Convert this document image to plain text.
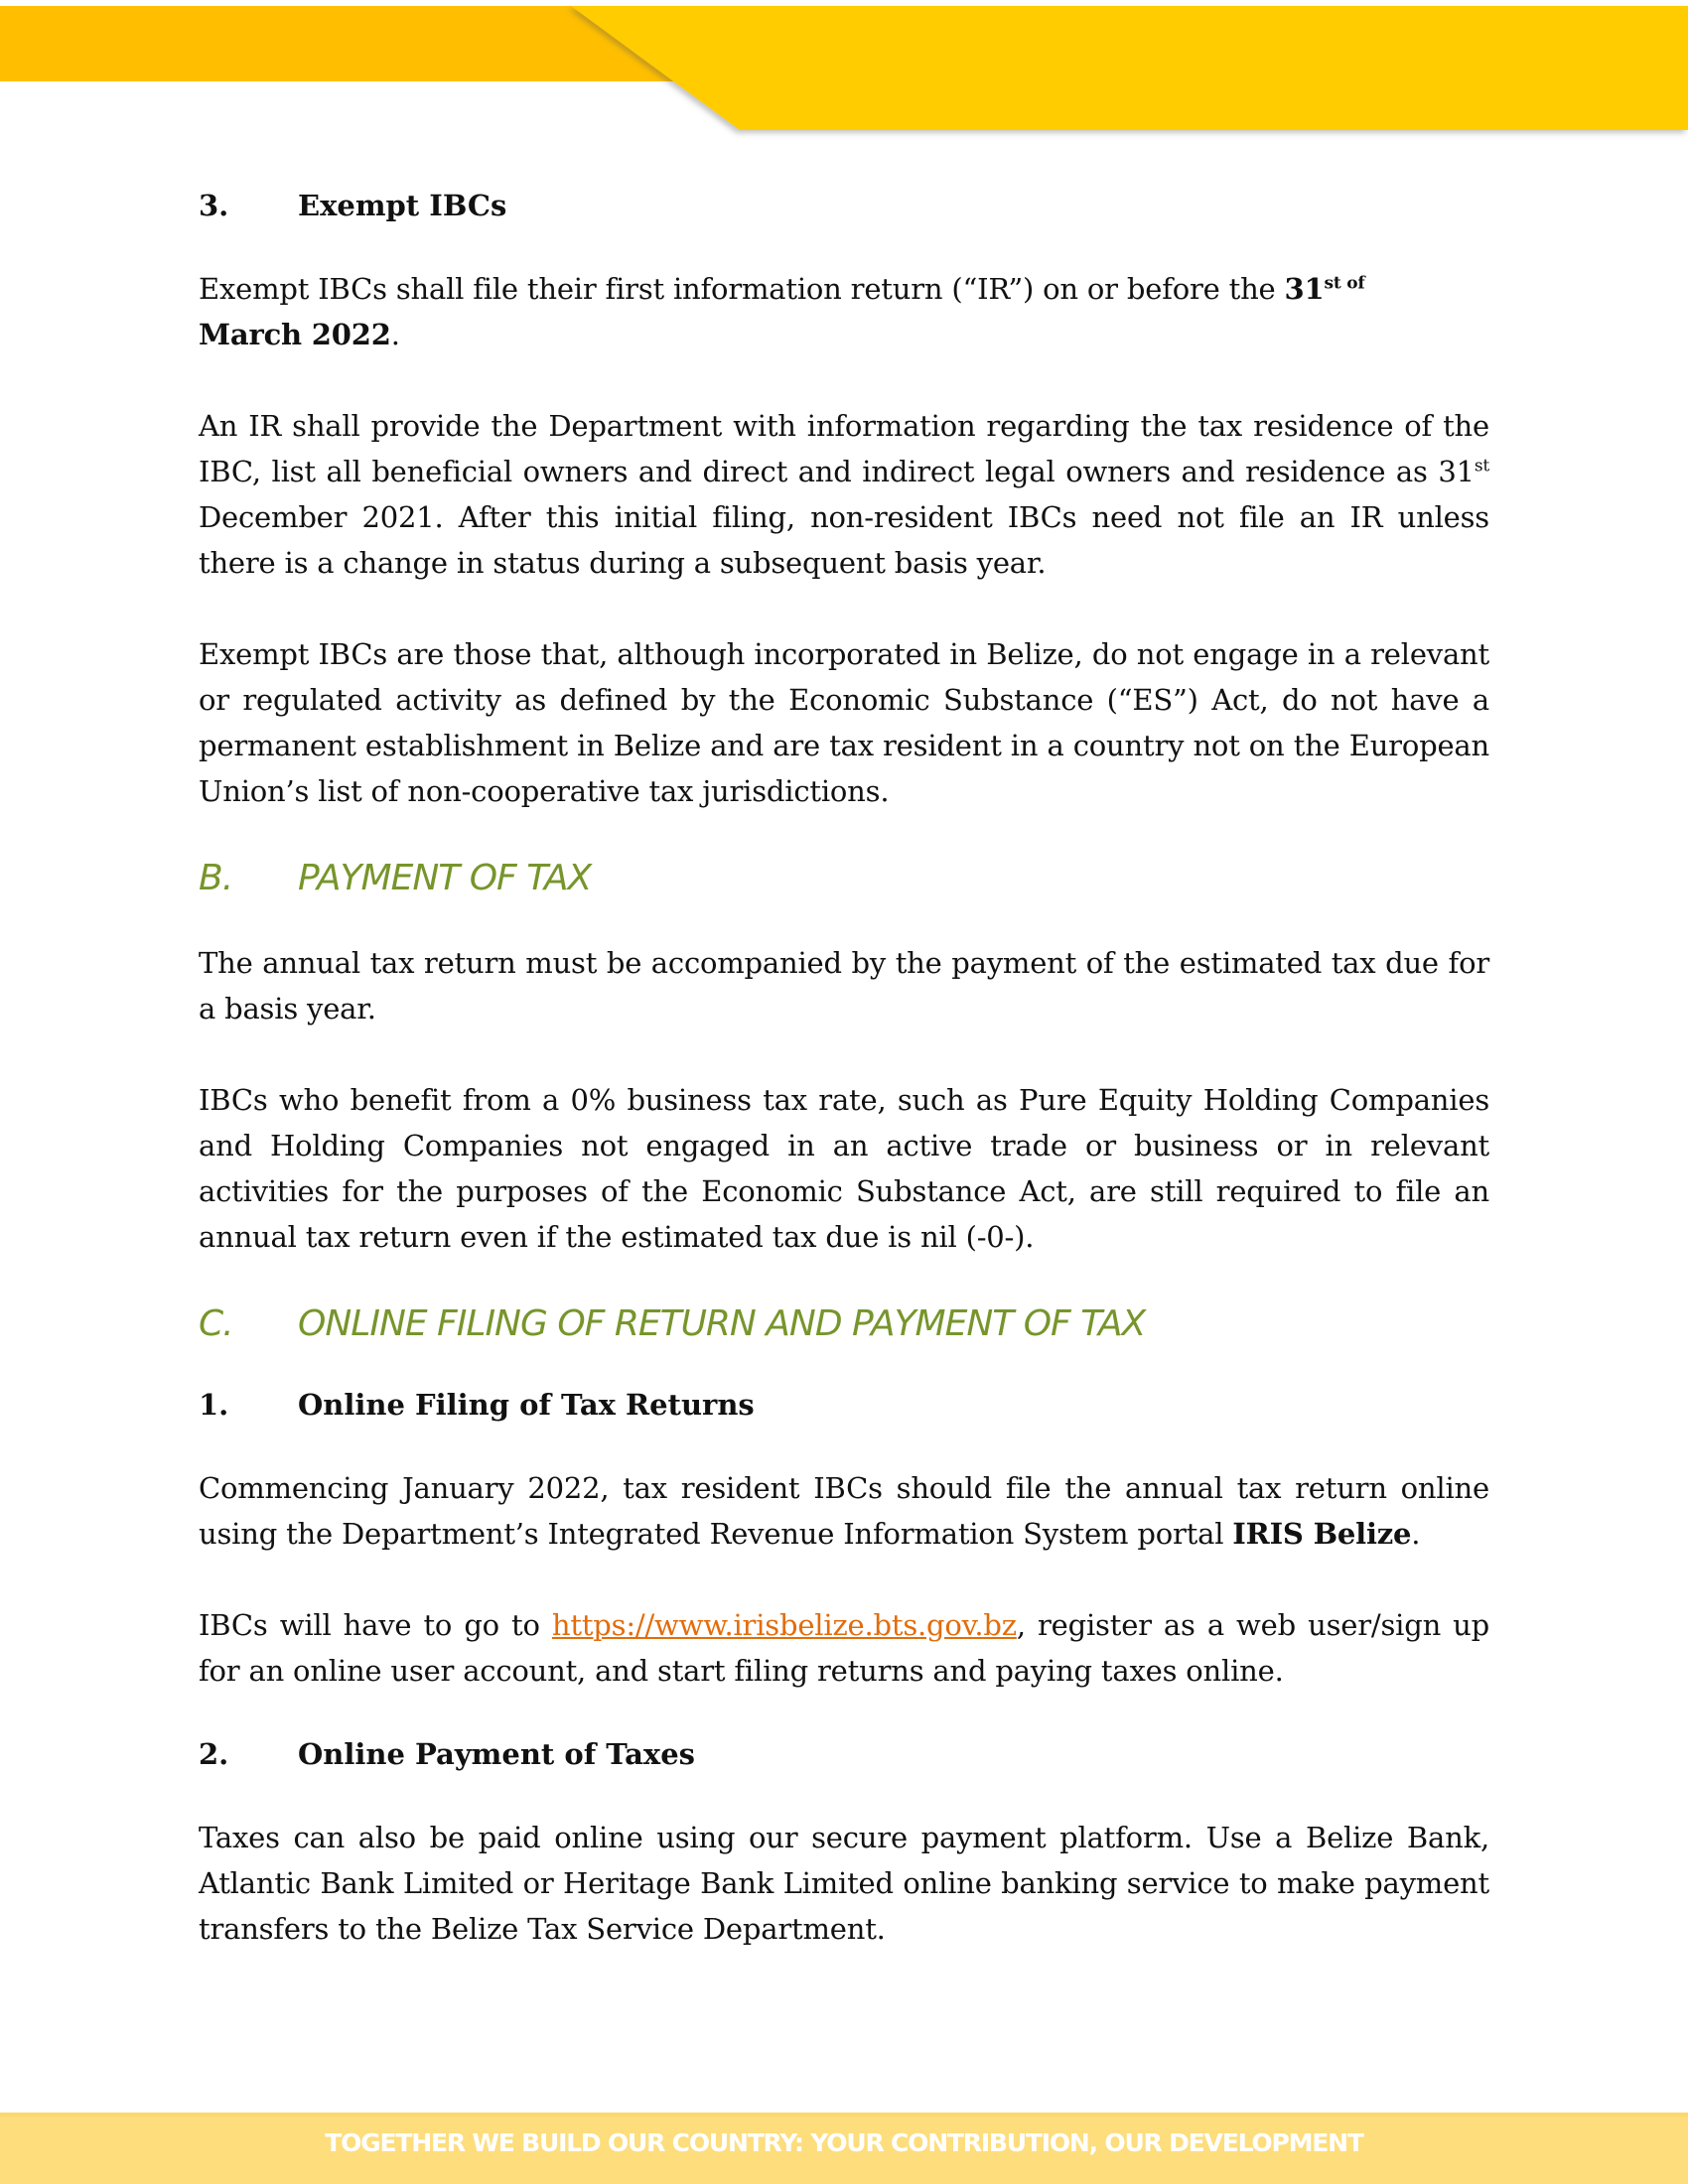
3.	Exempt IBCs

Exempt IBCs shall file their first information return (“IR”) on or before the $31^{st of}$
March 2022.

An IR shall provide the Department with information regarding the tax residence of the IBC, list all beneficial owners and direct and indirect legal owners and residence as 31st December 2021. After this initial filing, non-resident IBCs need not file an IR unless there is a change in status during a subsequent basis year.

Exempt IBCs are those that, although incorporated in Belize, do not engage in a relevant or regulated activity as defined by the Economic Substance (“ES”) Act, do not have a permanent establishment in Belize and are tax resident in a country not on the European Union’s list of non-cooperative tax jurisdictions.

B.	PAYMENT OF TAX

The annual tax return must be accompanied by the payment of the estimated tax due for a basis year.

IBCs who benefit from a 0% business tax rate, such as Pure Equity Holding Companies and Holding Companies not engaged in an active trade or business or in relevant activities for the purposes of the Economic Substance Act, are still required to file an annual tax return even if the estimated tax due is nil (-0-).

C.	ONLINE FILING OF RETURN AND PAYMENT OF TAX
1.	Online Filing of Tax Returns

Commencing January 2022, tax resident IBCs should file the annual tax return online using the Department’s Integrated Revenue Information System portal IRIS Belize.

IBCs will have to go to https://www.irisbelize.bts.gov.bz, register as a web user/sign up for an online user account, and start filing returns and paying taxes online.

2.	Online Payment of Taxes

Taxes can also be paid online using our secure payment platform. Use a Belize Bank, Atlantic Bank Limited or Heritage Bank Limited online banking service to make payment transfers to the Belize Tax Service Department.

TOGETHER WE BUILD OUR COUNTRY: YOUR CONTRIBUTION, OUR DEVELOPMENT
